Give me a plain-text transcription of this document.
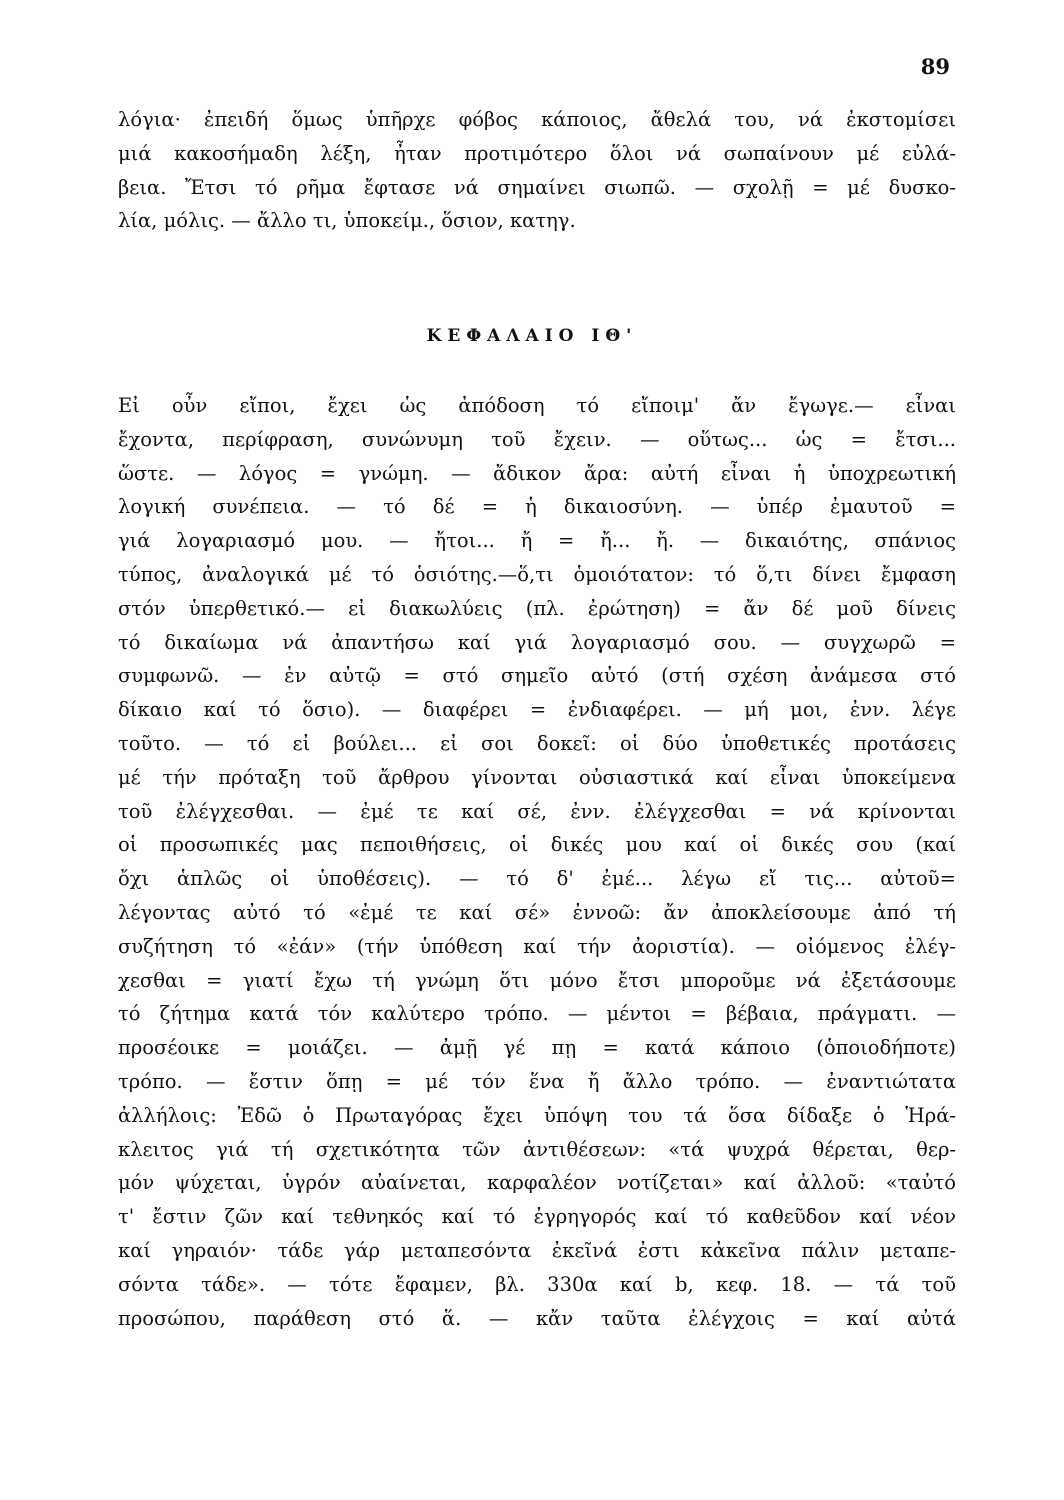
89
λόγια· ἐπειδή ὅμως ὑπῆρχε φόβος κάποιος, ἄθελά του, νά ἐκστομίσει
μιά κακοσήμαδη λέξη, ἦταν προτιμότερο ὅλοι νά σωπαίνουν μέ εὐλά-
βεια. Ἔτσι τό ρῆμα ἔφτασε νά σημαίνει σιωπῶ. — σχολῇ = μέ δυσκο-
λία, μόλις. — ἄλλο τι, ὑποκείμ., ὅσιον, κατηγ.
ΚΕΦΑΛΑΙΟ ΙΘ'
Εἰ οὖν εἴποι, ἔχει ὡς ἀπόδοση τό εἴποιμ' ἄν ἔγωγε.— εἶναι
ἔχοντα, περίφραση, συνώνυμη τοῦ ἔχειν. — οὕτως... ὡς = ἔτσι...
ὥστε. — λόγος = γνώμη. — ἄδικον ἄρα: αὐτή εἶναι ἡ ὑποχρεωτική
λογική συνέπεια. — τό δέ = ἡ δικαιοσύνη. — ὑπέρ ἐμαυτοῦ =
γιά λογαριασμό μου. — ἤτοι... ἤ = ἤ... ἤ. — δικαιότης, σπάνιος
τύπος, ἀναλογικά μέ τό ὁσιότης.—ὅ,τι ὁμοιότατον: τό ὅ,τι δίνει ἔμφαση
στόν ὑπερθετικό.— εἰ διακωλύεις (πλ. ἐρώτηση) = ἄν δέ μοῦ δίνεις
τό δικαίωμα νά ἀπαντήσω καί γιά λογαριασμό σου. — συγχωρῶ =
συμφωνῶ. — ἐν αὐτῷ = στό σημεῖο αὐτό (στή σχέση ἀνάμεσα στό
δίκαιο καί τό ὅσιο). — διαφέρει = ἐνδιαφέρει. — μή μοι, ἐνν. λέγε
τοῦτο. — τό εἰ βούλει... εἰ σοι δοκεῖ: οἱ δύο ὑποθετικές προτάσεις
μέ τήν πρόταξη τοῦ ἄρθρου γίνονται οὐσιαστικά καί εἶναι ὑποκείμενα
τοῦ ἐλέγχεσθαι. — ἐμέ τε καί σέ, ἐνν. ἐλέγχεσθαι = νά κρίνονται
οἱ προσωπικές μας πεποιθήσεις, οἱ δικές μου καί οἱ δικές σου (καί
ὄχι ἁπλῶς οἱ ὑποθέσεις). — τό δ' ἐμέ... λέγω εἴ τις... αὐτοῦ=
λέγοντας αὐτό τό «ἐμέ τε καί σέ» ἐννοῶ: ἄν ἀποκλείσουμε ἀπό τή
συζήτηση τό «ἐάν» (τήν ὑπόθεση καί τήν ἀοριστία). — οἰόμενος ἐλέγ-
χεσθαι = γιατί ἔχω τή γνώμη ὅτι μόνο ἔτσι μποροῦμε νά ἐξετάσουμε
τό ζήτημα κατά τόν καλύτερο τρόπο. — μέντοι = βέβαια, πράγματι. —
προσέοικε = μοιάζει. — ἀμῇ γέ πῃ = κατά κάποιο (ὁποιοδήποτε)
τρόπο. — ἔστιν ὅπῃ = μέ τόν ἕνα ἤ ἄλλο τρόπο. — ἐναντιώτατα
ἀλλήλοις: Ἐδῶ ὁ Πρωταγόρας ἔχει ὑπόψη του τά ὅσα δίδαξε ὁ Ἡρά-
κλειτος γιά τή σχετικότητα τῶν ἀντιθέσεων: «τά ψυχρά θέρεται, θερ-
μόν ψύχεται, ὑγρόν αὐαίνεται, καρφαλέον νοτίζεται» καί ἀλλοῦ: «ταὐτό
τ' ἔστιν ζῶν καί τεθνηκός καί τό ἐγρηγορός καί τό καθεῦδον καί νέον
καί γηραιόν· τάδε γάρ μεταπεσόντα ἐκεῖνά ἐστι κἀκεῖνα πάλιν μεταπε-
σόντα τάδε». — τότε ἔφαμεν, βλ. 330α καί b, κεφ. 18. — τά τοῦ
προσώπου, παράθεση στό ἅ. — κἄν ταῦτα ἐλέγχοις = καί αὐτά
